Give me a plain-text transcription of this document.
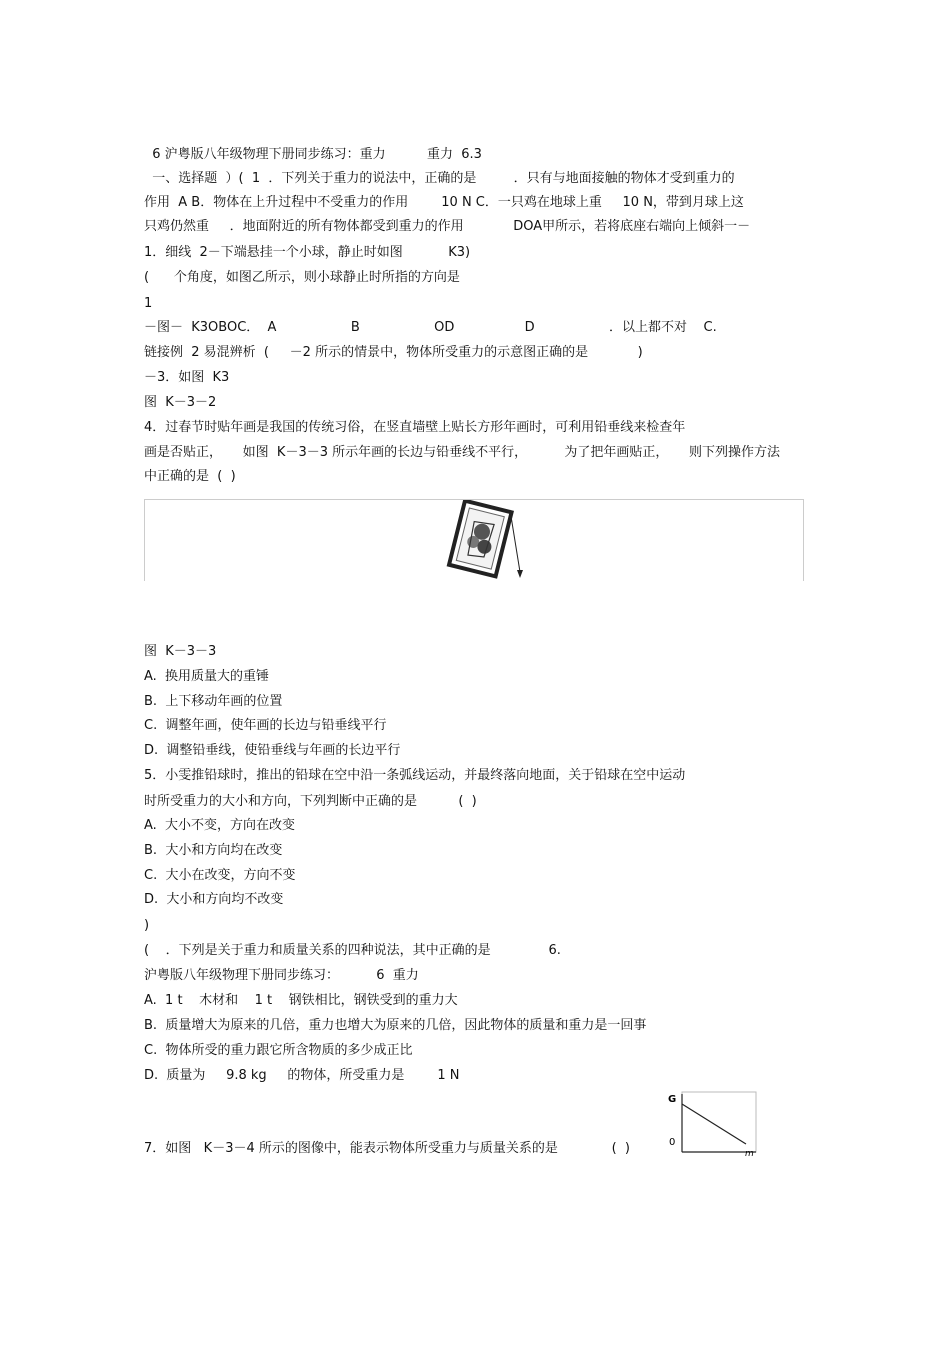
6 沪粤版八年级物理下册同步练习：重力          重力  6.3
一、选择题  ）(  1  ．下列关于重力的说法中，正确的是         ．只有与地面接触的物体才受到重力的
作用  A B．物体在上升过程中不受重力的作用        10 N C．一只鸡在地球上重     10 N，带到月球上这
只鸡仍然重     ．地面附近的所有物体都受到重力的作用            DOA甲所示，若将底座右端向上倾斜一－
1．细线  2－下端悬挂一个小球，静止时如图           K3)
(      个角度，如图乙所示，则小球静止时所指的方向是
1
－图－  K3OBOC．  A                  B                  OD                 D                  ．以上都不对    C.
链接例  2 易混辨析  (     －2 所示的情景中，物体所受重力的示意图正确的是            )
－3．如图  K3
图  K－3－2
4．过春节时贴年画是我国的传统习俗，在竖直墙壁上贴长方形年画时，可利用铅垂线来检查年
画是否贴正，     如图  K－3－3 所示年画的长边与铅垂线不平行，         为了把年画贴正，     则下列操作方法
中正确的是  (  )
图  K－3－3
A.  换用质量大的重锤
B.  上下移动年画的位置
C.  调整年画，使年画的长边与铅垂线平行
D.  调整铅垂线，使铅垂线与年画的长边平行
5．小雯推铅球时，推出的铅球在空中沿一条弧线运动，并最终落向地面，关于铅球在空中运动
时所受重力的大小和方向，下列判断中正确的是          (  )
A.  大小不变，方向在改变
B.  大小和方向均在改变
C.  大小在改变，方向不变
D.  大小和方向均不改变
)
(    ．下列是关于重力和质量关系的四种说法，其中正确的是              6.
沪粤版八年级物理下册同步练习：         6  重力
A.  1 t    木材和    1 t    钢铁相比，钢铁受到的重力大
B.  质量增大为原来的几倍，重力也增大为原来的几倍，因此物体的质量和重力是一回事
C.  物体所受的重力跟它所含物质的多少成正比
D.  质量为     9.8 kg     的物体，所受重力是        1 N
7．如图   K－3－4 所示的图像中，能表示物体所受重力与质量关系的是             (  )
G
0
m
